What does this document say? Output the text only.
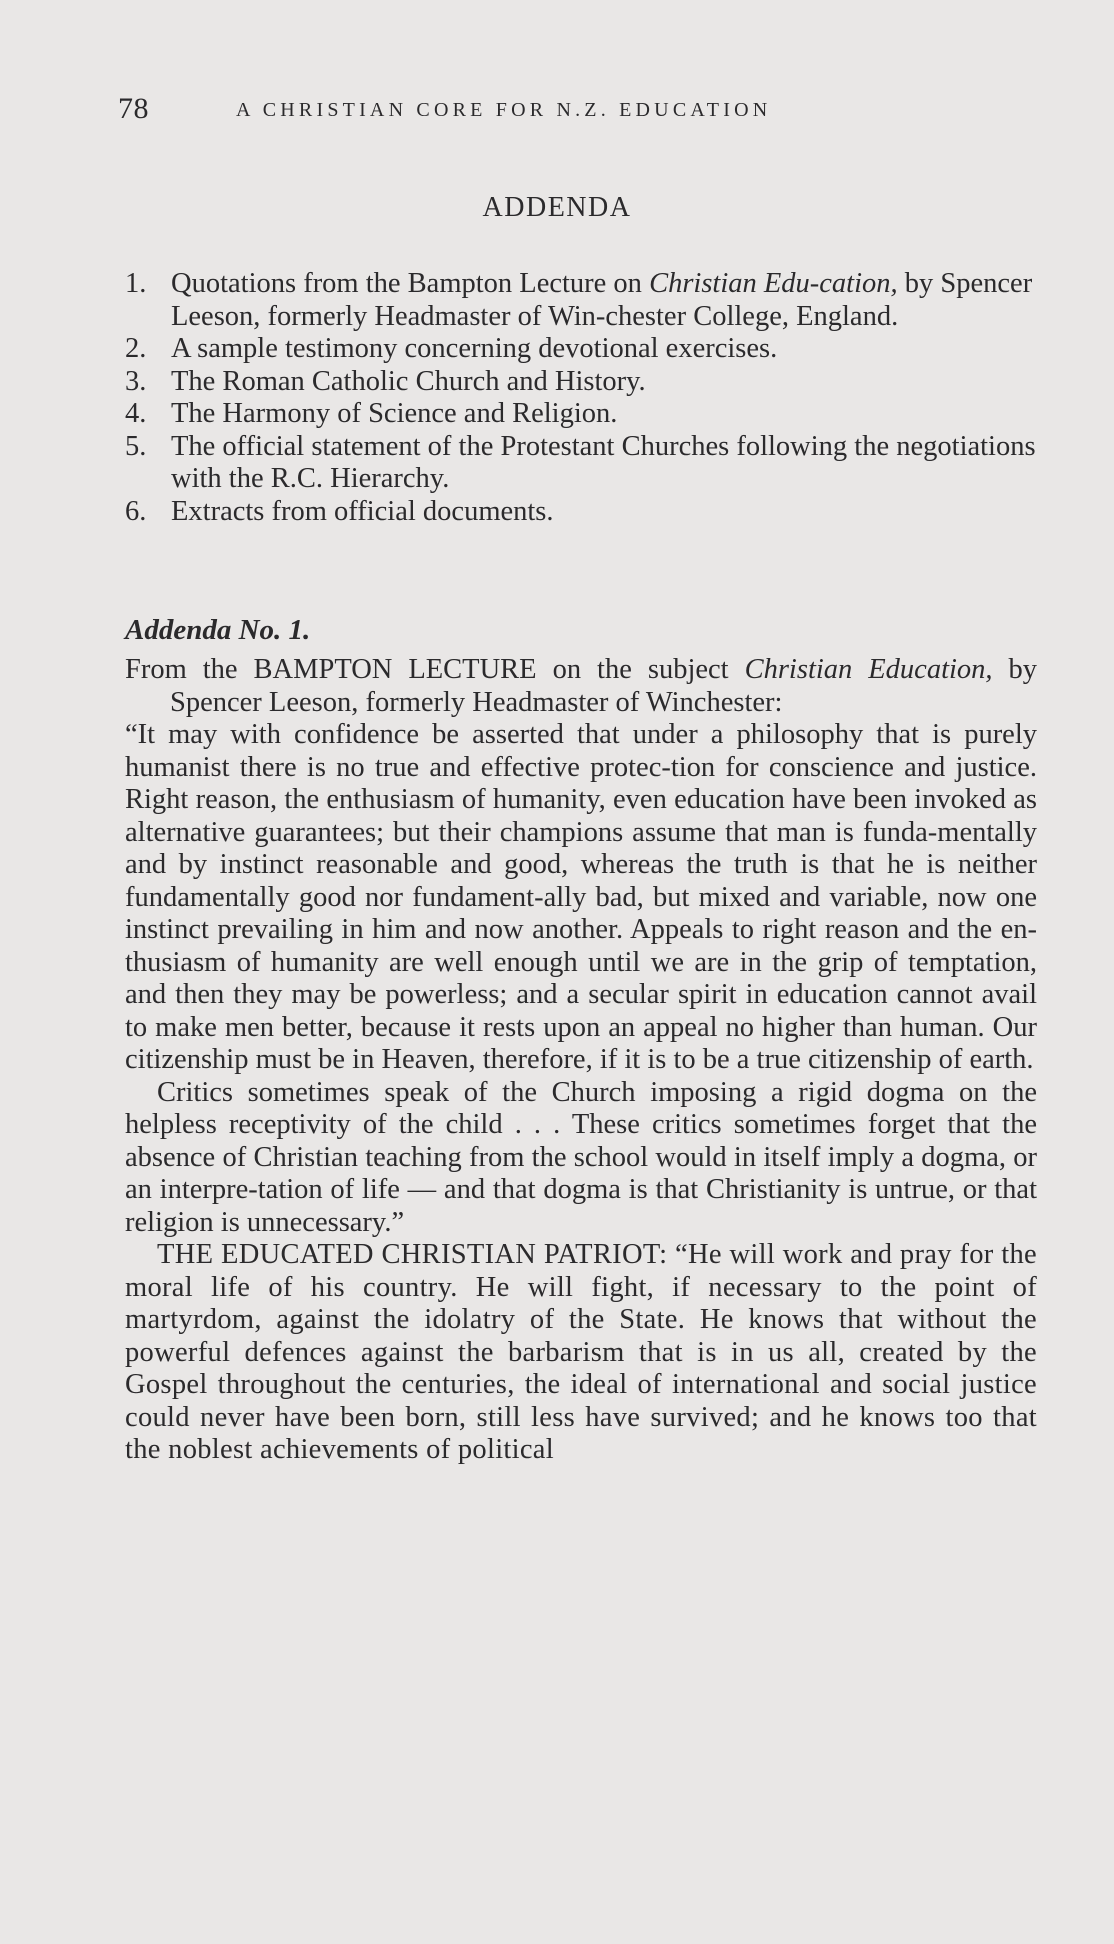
78	A CHRISTIAN CORE FOR N.Z. EDUCATION
ADDENDA
1. Quotations from the Bampton Lecture on Christian Edu-cation, by Spencer Leeson, formerly Headmaster of Win-chester College, England.
2. A sample testimony concerning devotional exercises.
3. The Roman Catholic Church and History.
4. The Harmony of Science and Religion.
5. The official statement of the Protestant Churches following the negotiations with the R.C. Hierarchy.
6. Extracts from official documents.
Addenda No. 1.

From the BAMPTON LECTURE on the subject Christian Education, by Spencer Leeson, formerly Headmaster of Winchester:

“It may with confidence be asserted that under a philosophy that is purely humanist there is no true and effective protec-tion for conscience and justice. Right reason, the enthusiasm of humanity, even education have been invoked as alternative guarantees; but their champions assume that man is funda-mentally and by instinct reasonable and good, whereas the truth is that he is neither fundamentally good nor fundament-ally bad, but mixed and variable, now one instinct prevailing in him and now another. Appeals to right reason and the en-thusiasm of humanity are well enough until we are in the grip of temptation, and then they may be powerless; and a secular spirit in education cannot avail to make men better, because it rests upon an appeal no higher than human. Our citizenship must be in Heaven, therefore, if it is to be a true citizenship of earth.

Critics sometimes speak of the Church imposing a rigid dogma on the helpless receptivity of the child . . . These critics sometimes forget that the absence of Christian teaching from the school would in itself imply a dogma, or an interpre-tation of life — and that dogma is that Christianity is untrue, or that religion is unnecessary.”

THE EDUCATED CHRISTIAN PATRIOT: “He will work and pray for the moral life of his country. He will fight, if necessary to the point of martyrdom, against the idolatry of the State. He knows that without the powerful defences against the barbarism that is in us all, created by the Gospel throughout the centuries, the ideal of international and social justice could never have been born, still less have survived; and he knows too that the noblest achievements of political
